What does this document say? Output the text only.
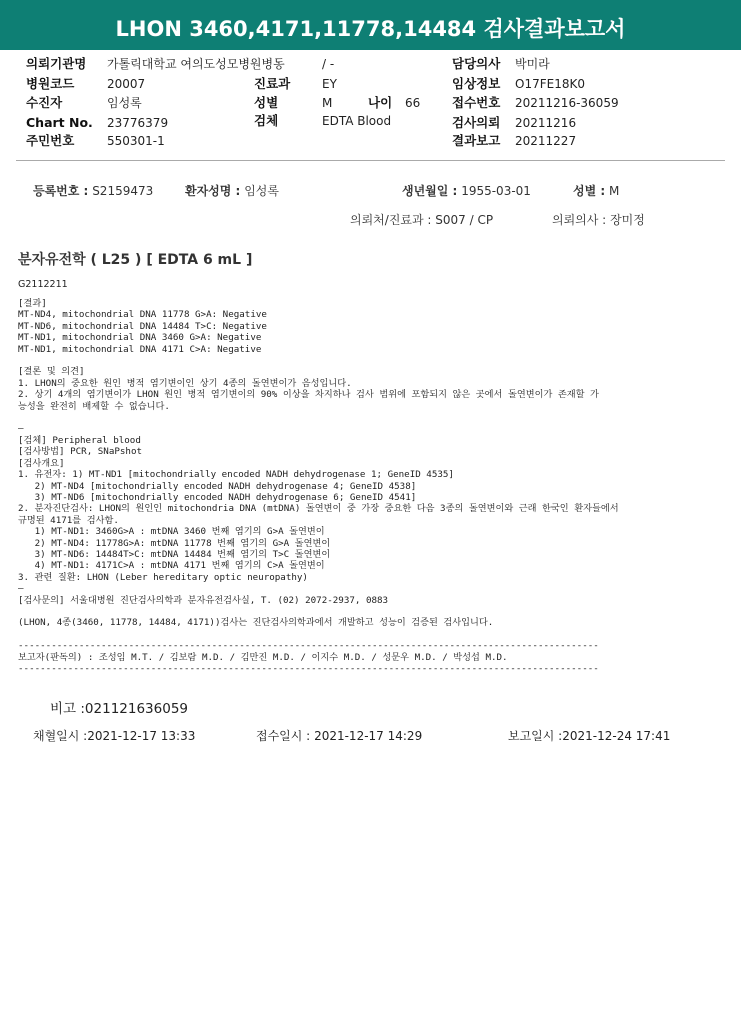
LHON 3460,4171,11778,14484 검사결과보고서
의뢰기관명 가톨릭대학교 여의도성모병원병동	/ -	담당의사 박미라
병원코드	20007	진료과	EY	임상정보 O17FE18K0
수진자	임성록	성별	M	나이 66	접수번호 20211216-36059
Chart No. 23776379	검체	EDTA Blood	검사의뢰 20211216
주민번호	550301-1	결과보고 20211227
등록번호 : S2159473	환자성명 : 임성록	생년월일 : 1955-03-01	성별 : M
의뢰처/진료과 : S007 / CP	의뢰의사 : 장미정
분자유전학 ( L25 ) [ EDTA 6 mL ]
G2112211
[결과]
MT-ND4, mitochondrial DNA 11778 G>A: Negative
MT-ND6, mitochondrial DNA 14484 T>C: Negative
MT-ND1, mitochondrial DNA 3460 G>A: Negative
MT-ND1, mitochondrial DNA 4171 C>A: Negative

[결론 및 의견]
1. LHON의 중요한 원인 병적 염기변이인 상기 4종의 돌연변이가 음성입니다.
2. 상기 4개의 염기변이가 LHON 원인 병적 염기변이의 90% 이상을 차지하나 검사 범위에 포함되지 않은 곳에서 돌연변이가 존재할 가
능성을 완전히 배제할 수 없습니다.

—
[검체] Peripheral blood
[검사방법] PCR, SNaPshot
[검사개요]
1. 유전자: 1) MT-ND1 [mitochondrially encoded NADH dehydrogenase 1; GeneID 4535]
2) MT-ND4 [mitochondrially encoded NADH dehydrogenase 4; GeneID 4538]
3) MT-ND6 [mitochondrially encoded NADH dehydrogenase 6; GeneID 4541]
2. 분자진단검사: LHON의 원인인 mitochondria DNA (mtDNA) 돌연변이 중 가장 중요한 다음 3종의 돌연변이와 근래 한국인 환자들에서
규명된 4171를 검사함.
1) MT-ND1: 3460G>A : mtDNA 3460 번째 염기의 G>A 돌연변이
2) MT-ND4: 11778G>A: mtDNA 11778 번째 염기의 G>A 돌연변이
3) MT-ND6: 14484T>C: mtDNA 14484 번째 염기의 T>C 돌연변이
4) MT-ND1: 4171C>A : mtDNA 4171 번째 염기의 C>A 돌연변이
3. 관련 질환: LHON (Leber hereditary optic neuropathy)
—
[검사문의] 서울대병원 진단검사의학과 분자유전검사실, T. (02) 2072-2937, 0883

(LHON, 4종(3460, 11778, 14484, 4171))검사는 진단검사의학과에서 개발하고 성능이 검증된 검사입니다.

---------------------------------------------------------------------------------------------------------
보고자(판독의) : 조성임 M.T. / 김보람 M.D. / 김만진 M.D. / 이지수 M.D. / 성문우 M.D. / 박성섭 M.D.
---------------------------------------------------------------------------------------------------------

비고 :021121636059
채혈일시 :2021-12-17 13:33	접수일시 : 2021-12-17 14:29	보고일시 :2021-12-24 17:41
